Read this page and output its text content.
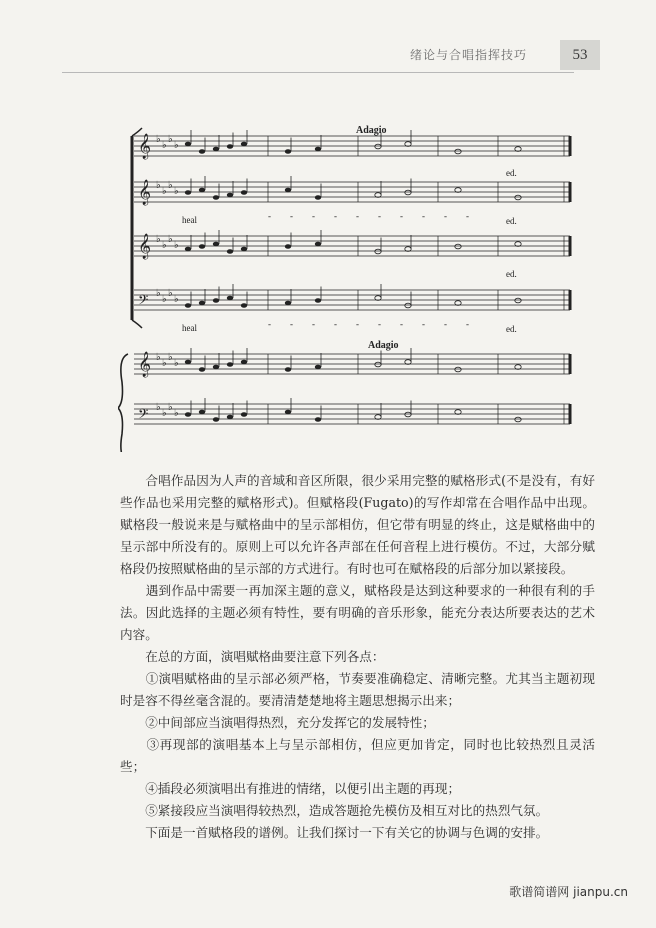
绪论与合唱指挥技巧	53
𝄞 ♭
♭
♭
♭
𝄞 ♭
♭
♭
♭
- - - - - - - - - -
𝄞 ♭
♭
♭
♭
𝄢
♭
♭
♭
♭
- - - - - - - - - -
𝄞 ♭
♭
♭
♭
𝄢
♭
♭
♭
♭
Adagio
Adagio
heal
heal
ed.
ed.
ed.
ed.

　　合唱作品因为人声的音域和音区所限，很少采用完整的赋格形式(不是没有，有好些作品也采用完整的赋格形式)。但赋格段(Fugato)的写作却常在合唱作品中出现。赋格段一般说来是与赋格曲中的呈示部相仿，但它带有明显的终止，这是赋格曲中的呈示部中所没有的。原则上可以允许各声部在任何音程上进行模仿。不过，大部分赋格段仍按照赋格曲的呈示部的方式进行。有时也可在赋格段的后部分加以紧接段。

　　遇到作品中需要一再加深主题的意义，赋格段是达到这种要求的一种很有利的手法。因此选择的主题必须有特性，要有明确的音乐形象，能充分表达所要表达的艺术内容。

　　在总的方面，演唱赋格曲要注意下列各点：

　　①演唱赋格曲的呈示部必须严格，节奏要准确稳定、清晰完整。尤其当主题初现时是容不得丝毫含混的。要清清楚楚地将主题思想揭示出来；

　　②中间部应当演唱得热烈，充分发挥它的发展特性；

　　③再现部的演唱基本上与呈示部相仿，但应更加肯定，同时也比较热烈且灵活些；

　　④插段必须演唱出有推进的情绪，以便引出主题的再现；

　　⑤紧接段应当演唱得较热烈，造成答题抢先模仿及相互对比的热烈气氛。

　　下面是一首赋格段的谱例。让我们探讨一下有关它的协调与色调的安排。

歌谱简谱网 jianpu.cn
